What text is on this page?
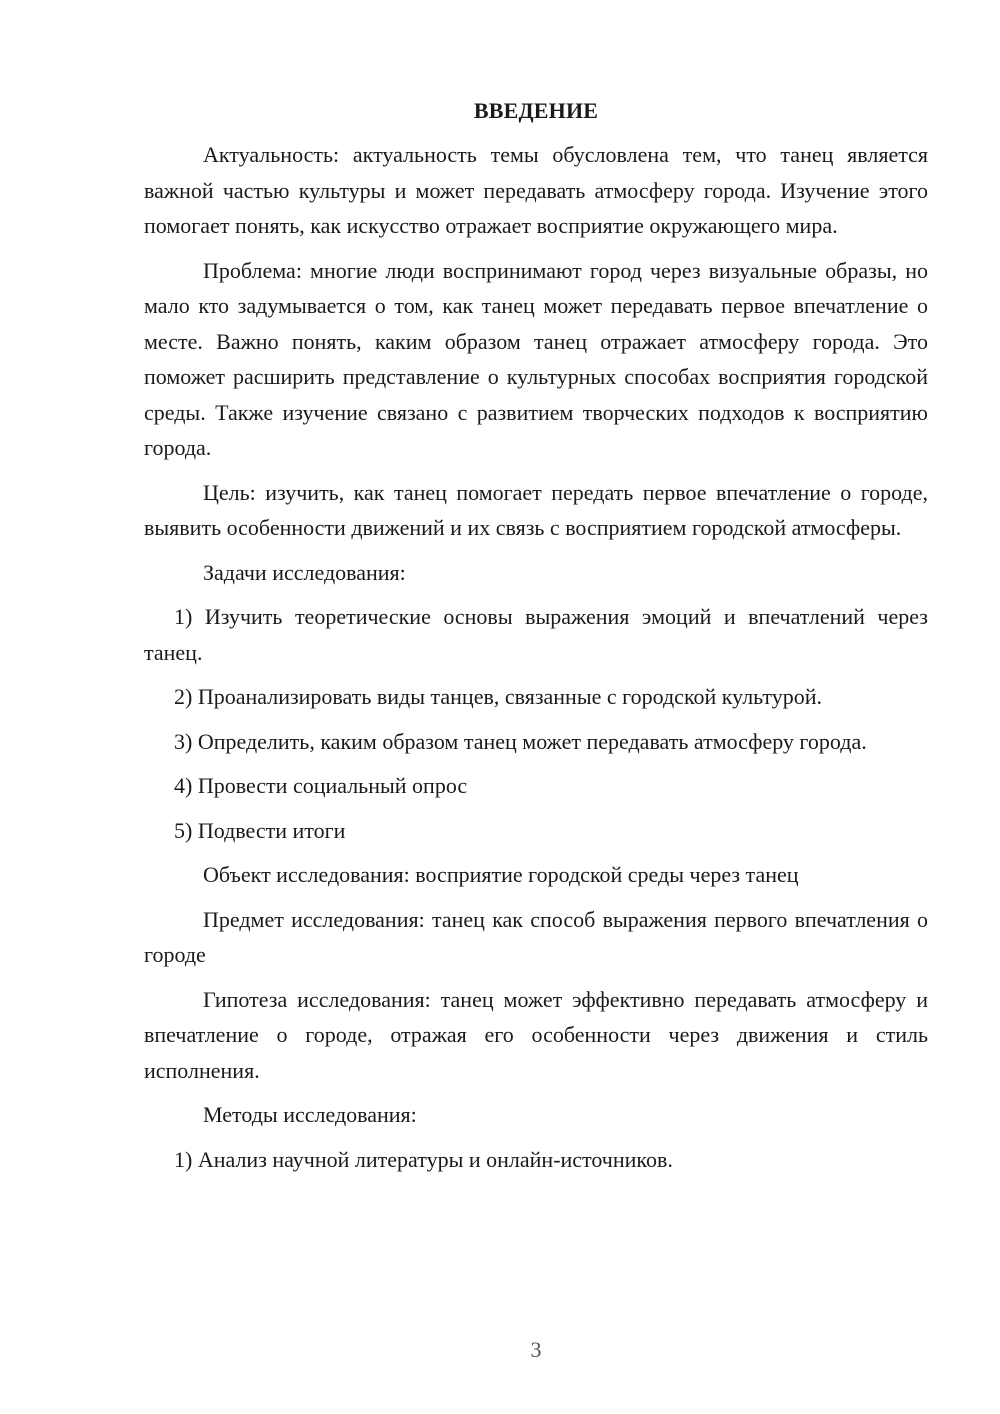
ВВЕДЕНИЕ

Актуальность: актуальность темы обусловлена тем, что танец является важной частью культуры и может передавать атмосферу города. Изучение этого помогает понять, как искусство отражает восприятие окружающего мира.

Проблема: многие люди воспринимают город через визуальные образы, но мало кто задумывается о том, как танец может передавать первое впечатление о месте. Важно понять, каким образом танец отражает атмосферу города. Это поможет расширить представление о культурных способах восприятия городской среды. Также изучение связано с развитием творческих подходов к восприятию города.

Цель: изучить, как танец помогает передать первое впечатление о городе, выявить особенности движений и их связь с восприятием городской атмосферы.

Задачи исследования:

1) Изучить теоретические основы выражения эмоций и впечатлений через танец.

2) Проанализировать виды танцев, связанные с городской культурой.

3) Определить, каким образом танец может передавать атмосферу города.

4) Провести социальный опрос

5) Подвести итоги

Объект исследования: восприятие городской среды через танец

Предмет исследования: танец как способ выражения первого впечатления о городе

Гипотеза исследования: танец может эффективно передавать атмосферу и впечатление о городе, отражая его особенности через движения и стиль исполнения.

Методы исследования:

1) Анализ научной литературы и онлайн-источников.

3
